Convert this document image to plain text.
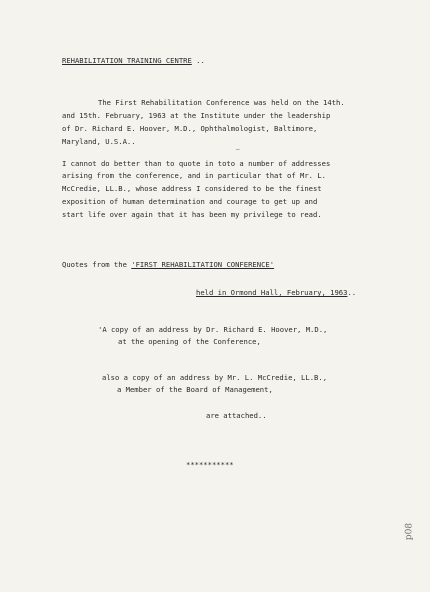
REHABILITATION TRAINING CENTRE ..
The First Rehabilitation Conference was held on the 14th.
and 15th. February, 1963 at the Institute under the leadership
of Dr. Richard E. Hoover, M.D., Ophthalmologist, Baltimore,
Maryland, U.S.A..
–
I cannot do better than to quote in toto a number of addresses
arising from the conference, and in particular that of Mr. L.
McCredie, LL.B., whose address I considered to be the finest
exposition of human determination and courage to get up and
start life over again that it has been my privilege to read.
Quotes from the 'FIRST REHABILITATION CONFERENCE'
held in Ormond Hall, February, 1963..
'A copy of an address by Dr. Richard E. Hoover, M.D.,
at the opening of the Conference,
also a copy of an address by Mr. L. McCredie, LL.B.,
a Member of the Board of Management,
are attached..
***********
p08
